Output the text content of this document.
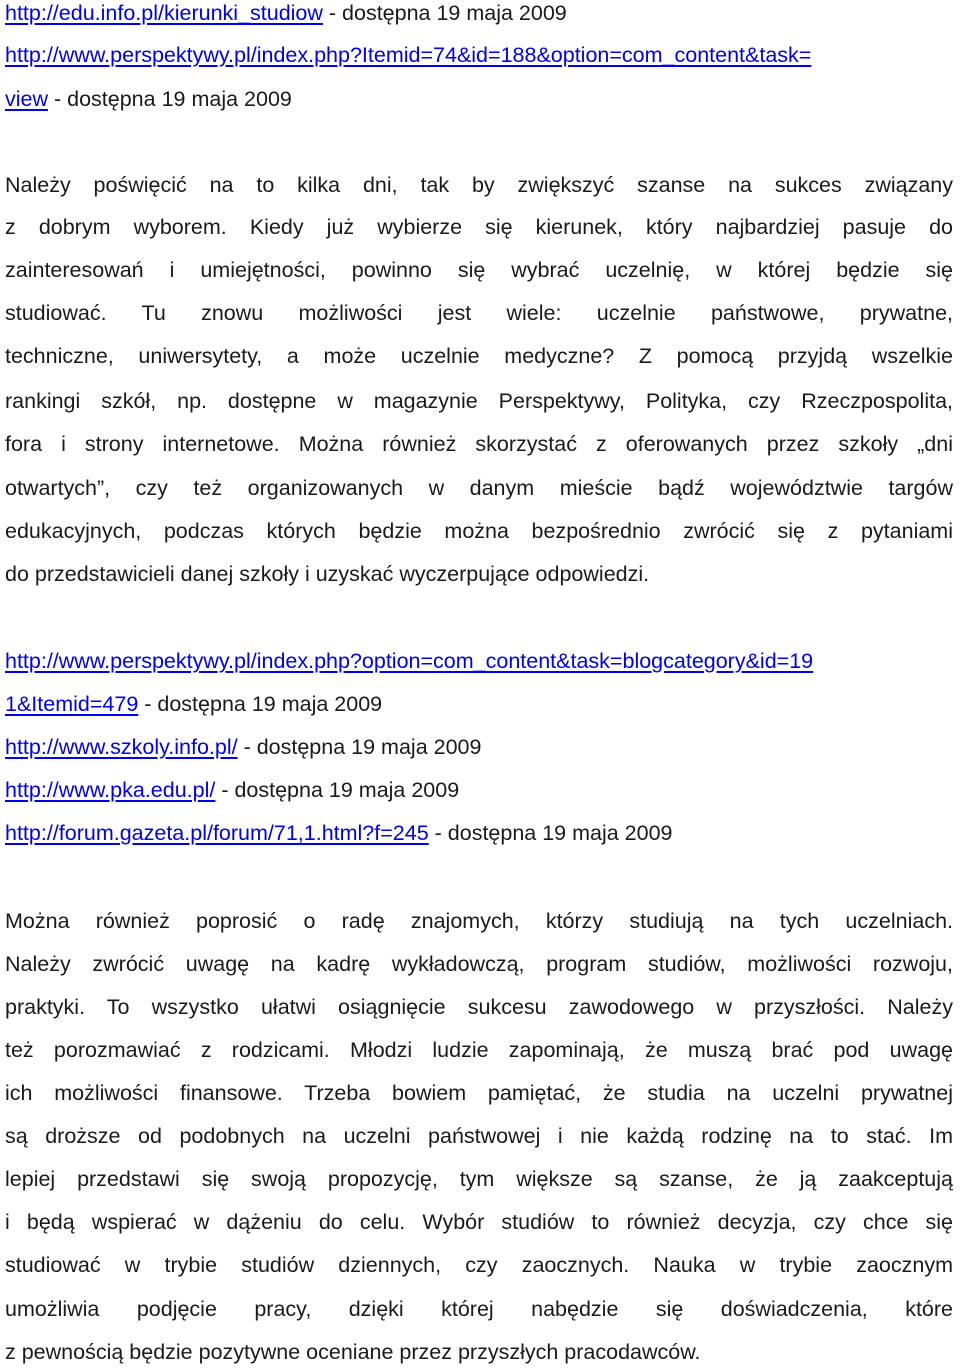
http://edu.info.pl/kierunki_studiow - dostępna 19 maja 2009
http://www.perspektywy.pl/index.php?Itemid=74&id=188&option=com_content&task=
view - dostępna 19 maja 2009
Należy poświęcić na to kilka dni, tak by zwiększyć szanse na sukces związany
z dobrym wyborem. Kiedy już wybierze się kierunek, który najbardziej pasuje do
zainteresowań i umiejętności, powinno się wybrać uczelnię, w której będzie się
studiować. Tu znowu możliwości jest wiele: uczelnie państwowe, prywatne,
techniczne, uniwersytety, a może uczelnie medyczne? Z pomocą przyjdą wszelkie
rankingi szkół, np. dostępne w magazynie Perspektywy, Polityka, czy Rzeczpospolita,
fora i strony internetowe. Można również skorzystać z oferowanych przez szkoły „dni
otwartych”, czy też organizowanych w danym mieście bądź województwie targów
edukacyjnych, podczas których będzie można bezpośrednio zwrócić się z pytaniami
do przedstawicieli danej szkoły i uzyskać wyczerpujące odpowiedzi.
http://www.perspektywy.pl/index.php?option=com_content&task=blogcategory&id=19
1&Itemid=479 - dostępna 19 maja 2009
http://www.szkoly.info.pl/ - dostępna 19 maja 2009
http://www.pka.edu.pl/ - dostępna 19 maja 2009
http://forum.gazeta.pl/forum/71,1.html?f=245 - dostępna 19 maja 2009
Można również poprosić o radę znajomych, którzy studiują na tych uczelniach.
Należy zwrócić uwagę na kadrę wykładowczą, program studiów, możliwości rozwoju,
praktyki. To wszystko ułatwi osiągnięcie sukcesu zawodowego w przyszłości. Należy
też porozmawiać z rodzicami. Młodzi ludzie zapominają, że muszą brać pod uwagę
ich możliwości finansowe. Trzeba bowiem pamiętać, że studia na uczelni prywatnej
są droższe od podobnych na uczelni państwowej i nie każdą rodzinę na to stać. Im
lepiej przedstawi się swoją propozycję, tym większe są szanse, że ją zaakceptują
i będą wspierać w dążeniu do celu. Wybór studiów to również decyzja, czy chce się
studiować w trybie studiów dziennych, czy zaocznych. Nauka w trybie zaocznym
umożliwia podjęcie pracy, dzięki której nabędzie się doświadczenia, które
z pewnością będzie pozytywne oceniane przez przyszłych pracodawców.
